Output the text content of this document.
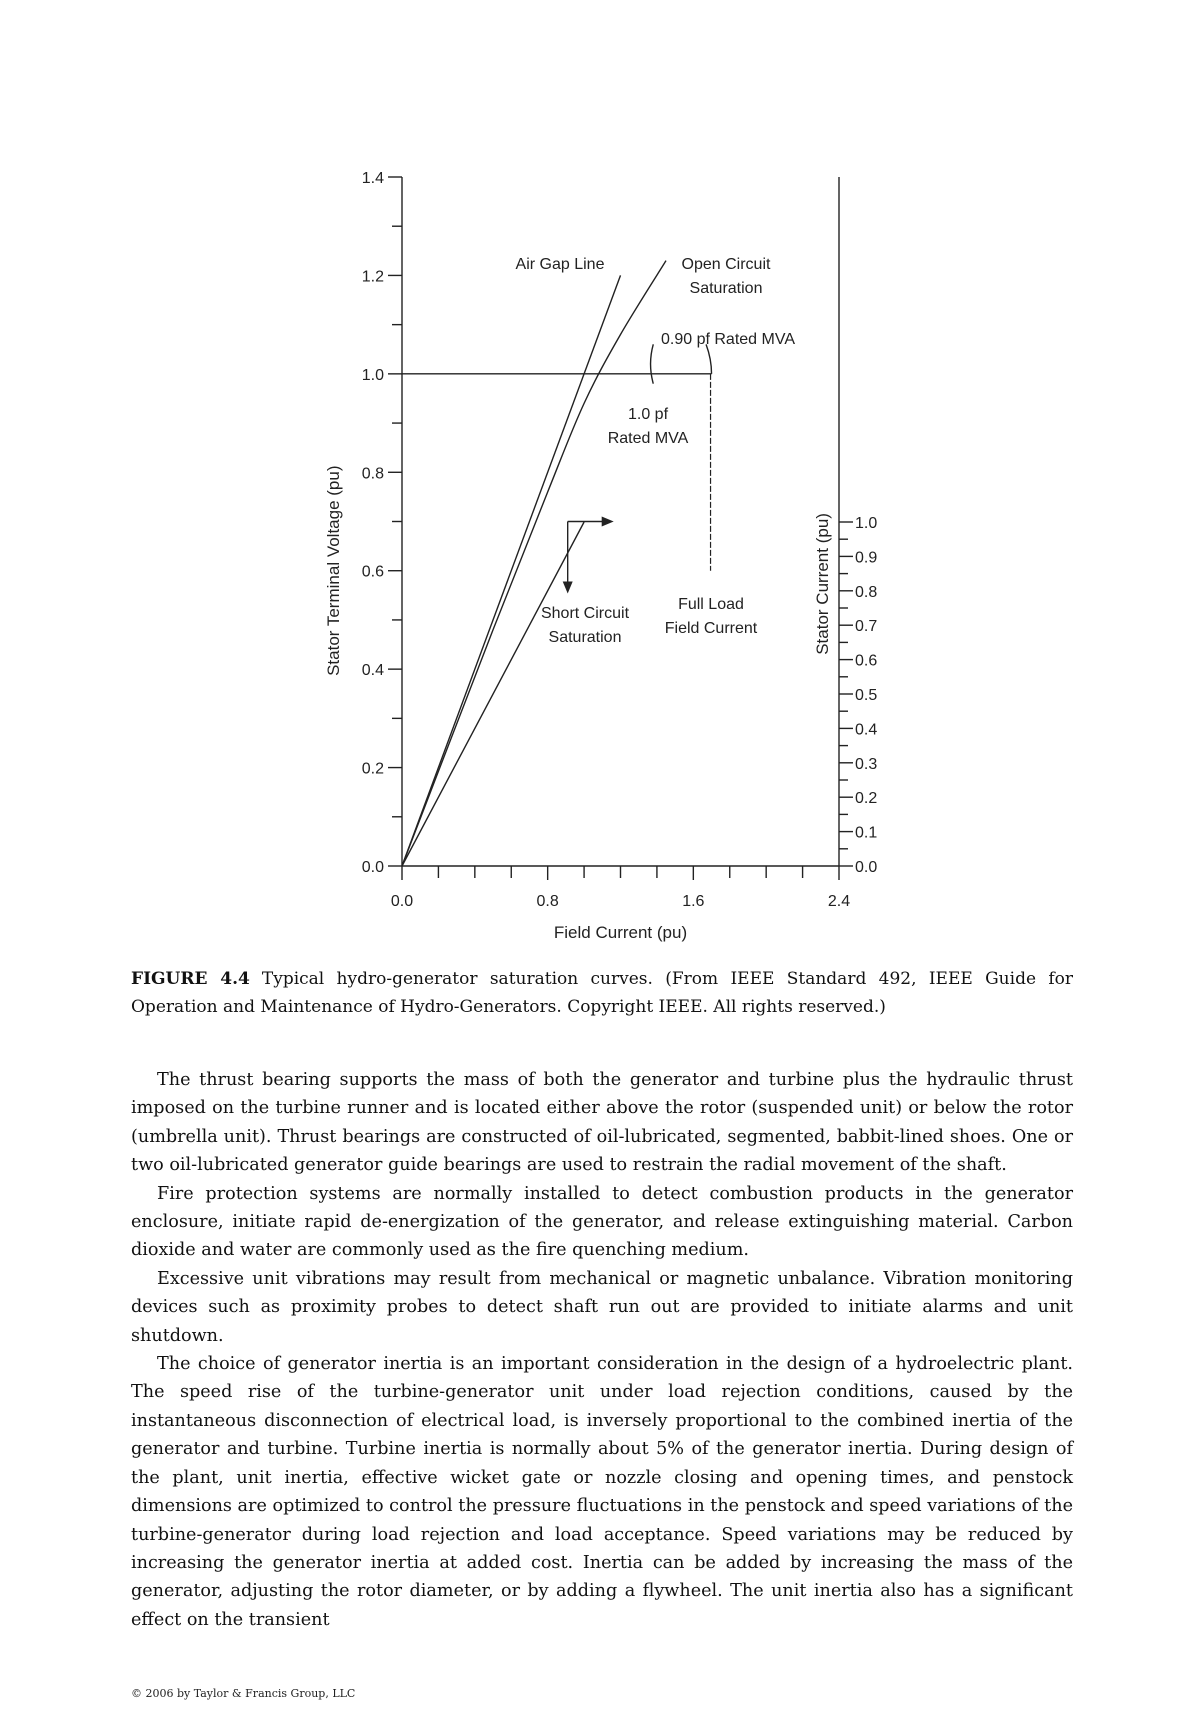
0.0
0.2
0.4
0.6
0.8
1.0
1.2
1.4
0.0	0.8	1.6	2.4
0.0
0.1
0.2
0.3
0.4
0.5
0.6
0.7
0.8
0.9
1.0
Field Current (pu)
Stator Terminal Voltage (pu)	Stator Current (pu)
Air Gap Line	Open Circuit
Saturation
0.90 pf Rated MVA
1.0 pf
Rated MVA
Short Circuit
Saturation
Full Load
Field Current
FIGURE 4.4 Typical hydro-generator saturation curves. (From IEEE Standard 492, IEEE Guide for Operation and Maintenance of Hydro-Generators. Copyright IEEE. All rights reserved.)

The thrust bearing supports the mass of both the generator and turbine plus the hydraulic thrust imposed on the turbine runner and is located either above the rotor (suspended unit) or below the rotor (umbrella unit). Thrust bearings are constructed of oil-lubricated, segmented, babbit-lined shoes. One or two oil-lubricated generator guide bearings are used to restrain the radial movement of the shaft.

Fire protection systems are normally installed to detect combustion products in the generator enclosure, initiate rapid de-energization of the generator, and release extinguishing material. Carbon dioxide and water are commonly used as the fire quenching medium.

Excessive unit vibrations may result from mechanical or magnetic unbalance. Vibration monitoring devices such as proximity probes to detect shaft run out are provided to initiate alarms and unit shutdown.

The choice of generator inertia is an important consideration in the design of a hydroelectric plant. The speed rise of the turbine-generator unit under load rejection conditions, caused by the instantaneous disconnection of electrical load, is inversely proportional to the combined inertia of the generator and turbine. Turbine inertia is normally about 5% of the generator inertia. During design of the plant, unit inertia, effective wicket gate or nozzle closing and opening times, and penstock dimensions are optimized to control the pressure fluctuations in the penstock and speed variations of the turbine-generator during load rejection and load acceptance. Speed variations may be reduced by increasing the generator inertia at added cost. Inertia can be added by increasing the mass of the generator, adjusting the rotor diameter, or by adding a flywheel. The unit inertia also has a significant effect on the transient

© 2006 by Taylor & Francis Group, LLC
